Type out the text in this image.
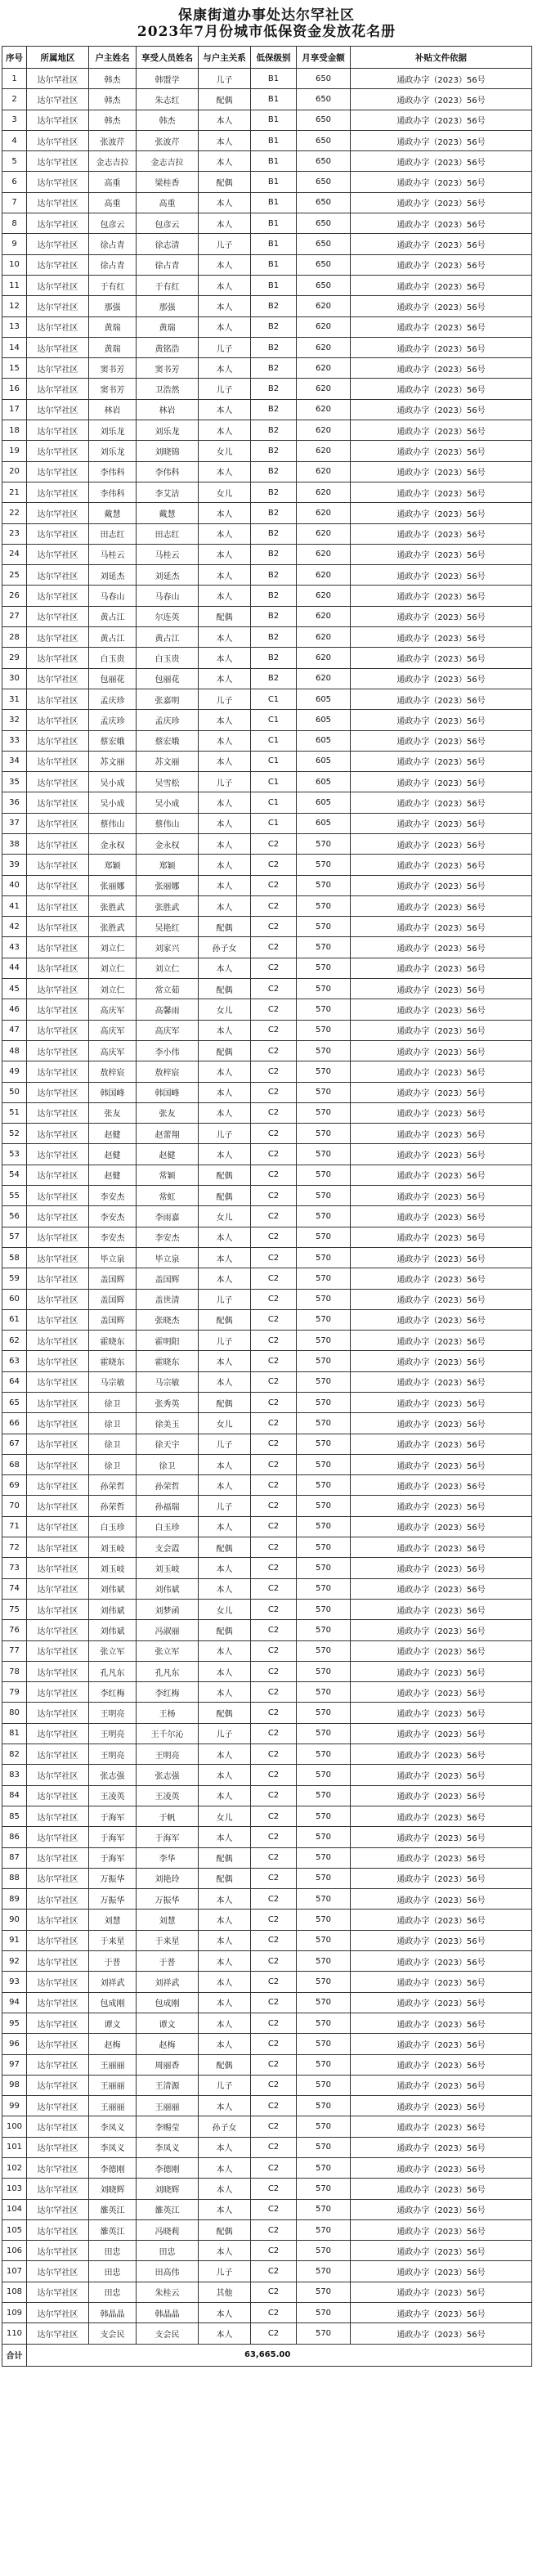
保康街道办事处达尔罕社区
2023年7月份城市低保资金发放花名册
序号	所属地区	户主姓名	享受人员姓名	与户主关系	低保级别	月享受金额	补贴文件依据
1	达尔罕社区	韩杰	韩盟学	儿子	B1	650	通政办字（2023）56号
2	达尔罕社区	韩杰	朱志红	配偶	B1	650	通政办字（2023）56号
3	达尔罕社区	韩杰	韩杰	本人	B1	650	通政办字（2023）56号
4	达尔罕社区	张波芹	张波芹	本人	B1	650	通政办字（2023）56号
5	达尔罕社区	金志吉拉	金志吉拉	本人	B1	650	通政办字（2023）56号
6	达尔罕社区	高重	梁桂香	配偶	B1	650	通政办字（2023）56号
7	达尔罕社区	高重	高重	本人	B1	650	通政办字（2023）56号
8	达尔罕社区	包彦云	包彦云	本人	B1	650	通政办字（2023）56号
9	达尔罕社区	徐占青	徐志清	儿子	B1	650	通政办字（2023）56号
10	达尔罕社区	徐占青	徐占青	本人	B1	650	通政办字（2023）56号
11	达尔罕社区	于有红	于有红	本人	B1	650	通政办字（2023）56号
12	达尔罕社区	那强	那强	本人	B2	620	通政办字（2023）56号
13	达尔罕社区	黄瑞	黄瑞	本人	B2	620	通政办字（2023）56号
14	达尔罕社区	黄瑞	黄铭浩	儿子	B2	620	通政办字（2023）56号
15	达尔罕社区	窦书芳	窦书芳	本人	B2	620	通政办字（2023）56号
16	达尔罕社区	窦书芳	卫浩然	儿子	B2	620	通政办字（2023）56号
17	达尔罕社区	林岩	林岩	本人	B2	620	通政办字（2023）56号
18	达尔罕社区	刘乐龙	刘乐龙	本人	B2	620	通政办字（2023）56号
19	达尔罕社区	刘乐龙	刘晓锦	女儿	B2	620	通政办字（2023）56号
20	达尔罕社区	李伟科	李伟科	本人	B2	620	通政办字（2023）56号
21	达尔罕社区	李伟科	李艾洁	女儿	B2	620	通政办字（2023）56号
22	达尔罕社区	戴慧	戴慧	本人	B2	620	通政办字（2023）56号
23	达尔罕社区	田志红	田志红	本人	B2	620	通政办字（2023）56号
24	达尔罕社区	马桂云	马桂云	本人	B2	620	通政办字（2023）56号
25	达尔罕社区	刘延杰	刘延杰	本人	B2	620	通政办字（2023）56号
26	达尔罕社区	马春山	马春山	本人	B2	620	通政办字（2023）56号
27	达尔罕社区	黄占江	尔连英	配偶	B2	620	通政办字（2023）56号
28	达尔罕社区	黄占江	黄占江	本人	B2	620	通政办字（2023）56号
29	达尔罕社区	白玉贵	白玉贵	本人	B2	620	通政办字（2023）56号
30	达尔罕社区	包丽花	包丽花	本人	B2	620	通政办字（2023）56号
31	达尔罕社区	孟庆珍	张嘉明	儿子	C1	605	通政办字（2023）56号
32	达尔罕社区	孟庆珍	孟庆珍	本人	C1	605	通政办字（2023）56号
33	达尔罕社区	蔡宏娥	蔡宏娥	本人	C1	605	通政办字（2023）56号
34	达尔罕社区	苏文丽	苏文丽	本人	C1	605	通政办字（2023）56号
35	达尔罕社区	吴小成	吴雪松	儿子	C1	605	通政办字（2023）56号
36	达尔罕社区	吴小成	吴小成	本人	C1	605	通政办字（2023）56号
37	达尔罕社区	蔡伟山	蔡伟山	本人	C1	605	通政办字（2023）56号
38	达尔罕社区	金永权	金永权	本人	C2	570	通政办字（2023）56号
39	达尔罕社区	郑颖	郑颖	本人	C2	570	通政办字（2023）56号
40	达尔罕社区	张丽娜	张丽娜	本人	C2	570	通政办字（2023）56号
41	达尔罕社区	张胜武	张胜武	本人	C2	570	通政办字（2023）56号
42	达尔罕社区	张胜武	吴艳红	配偶	C2	570	通政办字（2023）56号
43	达尔罕社区	刘立仁	刘家兴	孙子女	C2	570	通政办字（2023）56号
44	达尔罕社区	刘立仁	刘立仁	本人	C2	570	通政办字（2023）56号
45	达尔罕社区	刘立仁	常立茹	配偶	C2	570	通政办字（2023）56号
46	达尔罕社区	高庆军	高馨雨	女儿	C2	570	通政办字（2023）56号
47	达尔罕社区	高庆军	高庆军	本人	C2	570	通政办字（2023）56号
48	达尔罕社区	高庆军	李小伟	配偶	C2	570	通政办字（2023）56号
49	达尔罕社区	敖梓宸	敖梓宸	本人	C2	570	通政办字（2023）56号
50	达尔罕社区	韩国峰	韩国峰	本人	C2	570	通政办字（2023）56号
51	达尔罕社区	张友	张友	本人	C2	570	通政办字（2023）56号
52	达尔罕社区	赵健	赵蕾翔	儿子	C2	570	通政办字（2023）56号
53	达尔罕社区	赵健	赵健	本人	C2	570	通政办字（2023）56号
54	达尔罕社区	赵健	常颖	配偶	C2	570	通政办字（2023）56号
55	达尔罕社区	李安杰	常虹	配偶	C2	570	通政办字（2023）56号
56	达尔罕社区	李安杰	李雨嘉	女儿	C2	570	通政办字（2023）56号
57	达尔罕社区	李安杰	李安杰	本人	C2	570	通政办字（2023）56号
58	达尔罕社区	毕立泉	毕立泉	本人	C2	570	通政办字（2023）56号
59	达尔罕社区	盖国辉	盖国辉	本人	C2	570	通政办字（2023）56号
60	达尔罕社区	盖国辉	盖世清	儿子	C2	570	通政办字（2023）56号
61	达尔罕社区	盖国辉	张晓杰	配偶	C2	570	通政办字（2023）56号
62	达尔罕社区	霍晓东	霍明阳	儿子	C2	570	通政办字（2023）56号
63	达尔罕社区	霍晓东	霍晓东	本人	C2	570	通政办字（2023）56号
64	达尔罕社区	马宗敏	马宗敏	本人	C2	570	通政办字（2023）56号
65	达尔罕社区	徐卫	张秀英	配偶	C2	570	通政办字（2023）56号
66	达尔罕社区	徐卫	徐美玉	女儿	C2	570	通政办字（2023）56号
67	达尔罕社区	徐卫	徐天宇	儿子	C2	570	通政办字（2023）56号
68	达尔罕社区	徐卫	徐卫	本人	C2	570	通政办字（2023）56号
69	达尔罕社区	孙荣哲	孙荣哲	本人	C2	570	通政办字（2023）56号
70	达尔罕社区	孙荣哲	孙福瑞	儿子	C2	570	通政办字（2023）56号
71	达尔罕社区	白玉珍	白玉珍	本人	C2	570	通政办字（2023）56号
72	达尔罕社区	刘玉岐	支会霞	配偶	C2	570	通政办字（2023）56号
73	达尔罕社区	刘玉岐	刘玉岐	本人	C2	570	通政办字（2023）56号
74	达尔罕社区	刘伟斌	刘伟斌	本人	C2	570	通政办字（2023）56号
75	达尔罕社区	刘伟斌	刘梦函	女儿	C2	570	通政办字（2023）56号
76	达尔罕社区	刘伟斌	冯淑丽	配偶	C2	570	通政办字（2023）56号
77	达尔罕社区	张立军	张立军	本人	C2	570	通政办字（2023）56号
78	达尔罕社区	孔凡东	孔凡东	本人	C2	570	通政办字（2023）56号
79	达尔罕社区	李红梅	李红梅	本人	C2	570	通政办字（2023）56号
80	达尔罕社区	王明亮	王杨	配偶	C2	570	通政办字（2023）56号
81	达尔罕社区	王明亮	王千尔沁	儿子	C2	570	通政办字（2023）56号
82	达尔罕社区	王明亮	王明亮	本人	C2	570	通政办字（2023）56号
83	达尔罕社区	张志强	张志强	本人	C2	570	通政办字（2023）56号
84	达尔罕社区	王凌英	王凌英	本人	C2	570	通政办字（2023）56号
85	达尔罕社区	于海军	于帆	女儿	C2	570	通政办字（2023）56号
86	达尔罕社区	于海军	于海军	本人	C2	570	通政办字（2023）56号
87	达尔罕社区	于海军	李华	配偶	C2	570	通政办字（2023）56号
88	达尔罕社区	万振华	刘艳玲	配偶	C2	570	通政办字（2023）56号
89	达尔罕社区	万振华	万振华	本人	C2	570	通政办字（2023）56号
90	达尔罕社区	刘慧	刘慧	本人	C2	570	通政办字（2023）56号
91	达尔罕社区	于来星	于来星	本人	C2	570	通政办字（2023）56号
92	达尔罕社区	于普	于普	本人	C2	570	通政办字（2023）56号
93	达尔罕社区	刘祥武	刘祥武	本人	C2	570	通政办字（2023）56号
94	达尔罕社区	包成刚	包成刚	本人	C2	570	通政办字（2023）56号
95	达尔罕社区	谭文	谭文	本人	C2	570	通政办字（2023）56号
96	达尔罕社区	赵梅	赵梅	本人	C2	570	通政办字（2023）56号
97	达尔罕社区	王丽丽	周丽香	配偶	C2	570	通政办字（2023）56号
98	达尔罕社区	王丽丽	王清源	儿子	C2	570	通政办字（2023）56号
99	达尔罕社区	王丽丽	王丽丽	本人	C2	570	通政办字（2023）56号
100	达尔罕社区	李凤义	李赐莹	孙子女	C2	570	通政办字（2023）56号
101	达尔罕社区	李凤义	李凤义	本人	C2	570	通政办字（2023）56号
102	达尔罕社区	李德刚	李德刚	本人	C2	570	通政办字（2023）56号
103	达尔罕社区	刘晓辉	刘晓辉	本人	C2	570	通政办字（2023）56号
104	达尔罕社区	雒英江	雒英江	本人	C2	570	通政办字（2023）56号
105	达尔罕社区	雒英江	冯晓莉	配偶	C2	570	通政办字（2023）56号
106	达尔罕社区	田忠	田忠	本人	C2	570	通政办字（2023）56号
107	达尔罕社区	田忠	田高伟	儿子	C2	570	通政办字（2023）56号
108	达尔罕社区	田忠	朱桂云	其他	C2	570	通政办字（2023）56号
109	达尔罕社区	韩晶晶	韩晶晶	本人	C2	570	通政办字（2023）56号
110	达尔罕社区	支会民	支会民	本人	C2	570	通政办字（2023）56号
合计	63,665.00						
